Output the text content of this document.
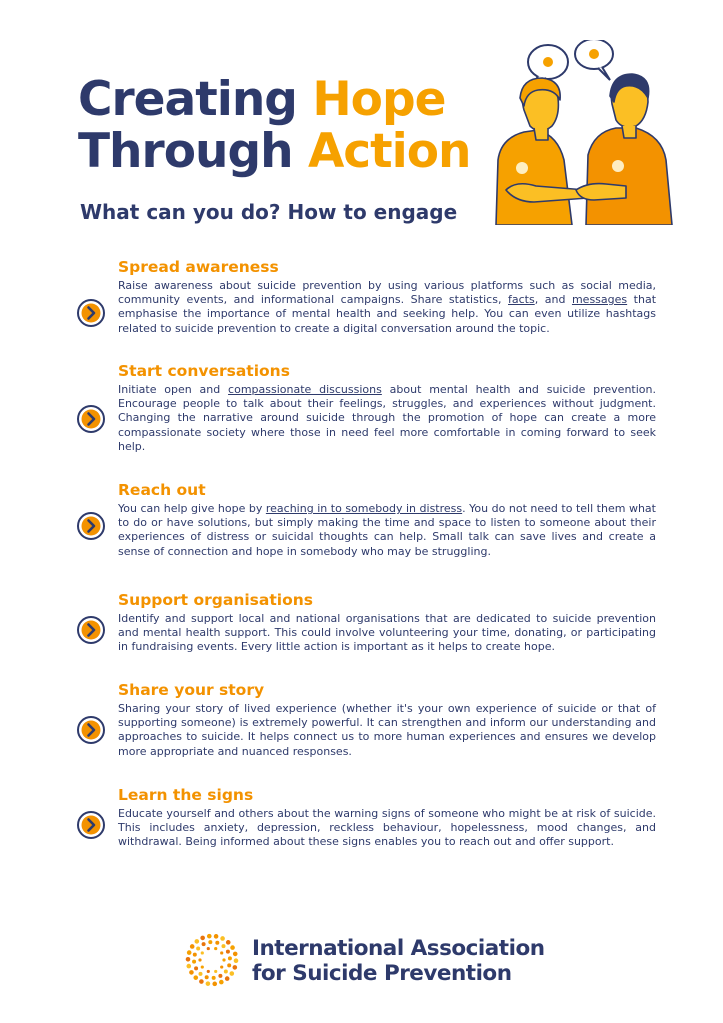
Creating Hope
Through Action
What can you do? How to engage
Spread awareness

Raise awareness about suicide prevention by using various platforms such as social media, community events, and informational campaigns. Share statistics, facts, and messages that emphasise the importance of mental health and seeking help. You can even utilize hashtags related to suicide prevention to create a digital conversation around the topic.

Start conversations

Initiate open and compassionate discussions about mental health and suicide prevention. Encourage people to talk about their feelings, struggles, and experiences without judgment. Changing the narrative around suicide through the promotion of hope can create a more compassionate society where those in need feel more comfortable in coming forward to seek help.

Reach out

You can help give hope by reaching in to somebody in distress. You do not need to tell them what to do or have solutions, but simply making the time and space to listen to someone about their experiences of distress or suicidal thoughts can help. Small talk can save lives and create a sense of connection and hope in somebody who may be struggling.

Support organisations

Identify and support local and national organisations that are dedicated to suicide prevention and mental health support. This could involve volunteering your time, donating, or participating in fundraising events. Every little action is important as it helps to create hope.

Share your story

Sharing your story of lived experience (whether it's your own experience of suicide or that of supporting someone) is extremely powerful. It can strengthen and inform our understanding and approaches to suicide. It helps connect us to more human experiences and ensures we develop more appropriate and nuanced responses.

Learn the signs

Educate yourself and others about the warning signs of someone who might be at risk of suicide. This includes anxiety, depression, reckless behaviour, hopelessness, mood changes, and withdrawal. Being informed about these signs enables you to reach out and offer support.

International Association
for Suicide Prevention
